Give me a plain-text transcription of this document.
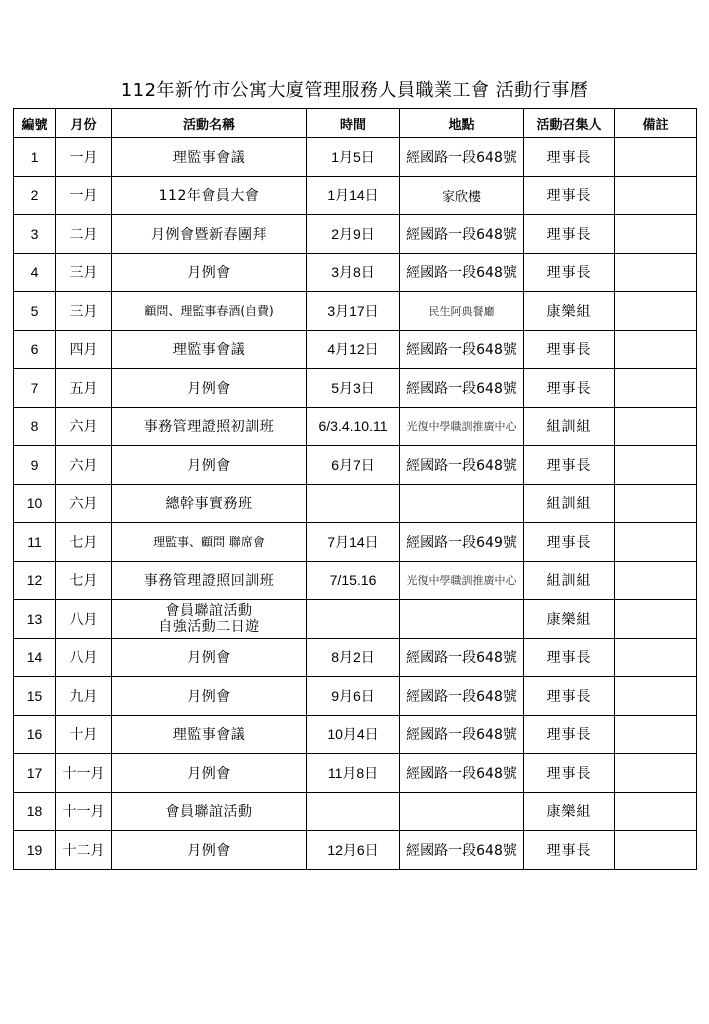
112年新竹市公寓大廈管理服務人員職業工會 活動行事曆
編號	月份	活動名稱	時間	地點	活動召集人	備註
1	一月	理監事會議	1月5日	經國路一段648號	理事長	
2	一月	112年會員大會	1月14日	家欣樓	理事長	
3	二月	月例會暨新春團拜	2月9日	經國路一段648號	理事長	
4	三月	月例會	3月8日	經國路一段648號	理事長	
5	三月	顧問、理監事春酒(自費)	3月17日	民生阿典餐廳	康樂組	
6	四月	理監事會議	4月12日	經國路一段648號	理事長	
7	五月	月例會	5月3日	經國路一段648號	理事長	
8	六月	事務管理證照初訓班	6/3.4.10.11	光復中學職訓推廣中心	組訓組	
9	六月	月例會	6月7日	經國路一段648號	理事長	
10	六月	總幹事實務班			組訓組	
11	七月	理監事、顧問 聯席會	7月14日	經國路一段649號	理事長	
12	七月	事務管理證照回訓班	7/15.16	光復中學職訓推廣中心	組訓組	
13	八月	會員聯誼活動
自強活動二日遊			康樂組	
14	八月	月例會	8月2日	經國路一段648號	理事長	
15	九月	月例會	9月6日	經國路一段648號	理事長	
16	十月	理監事會議	10月4日	經國路一段648號	理事長	
17	十一月	月例會	11月8日	經國路一段648號	理事長	
18	十一月	會員聯誼活動			康樂組	
19	十二月	月例會	12月6日	經國路一段648號	理事長	
